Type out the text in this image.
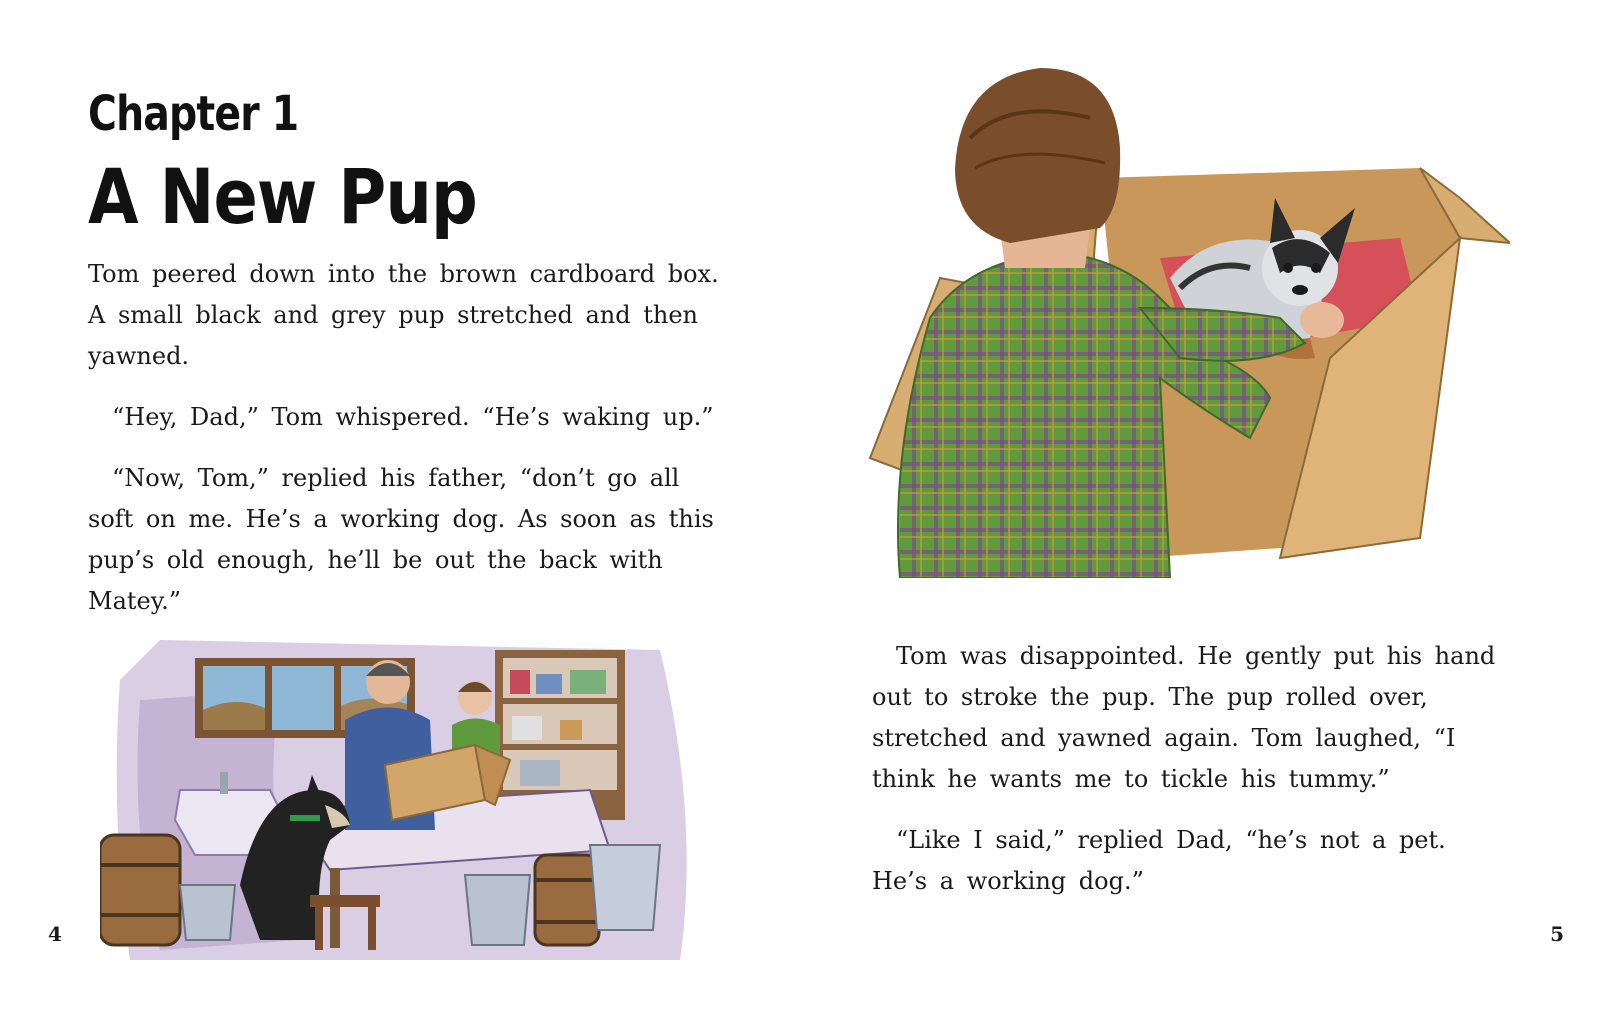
Chapter 1
A New Pup

Tom peered down into the brown cardboard box. A small black and grey pup stretched and then yawned.

“Hey, Dad,” Tom whispered. “He’s waking up.”

“Now, Tom,” replied his father, “don’t go all soft on me. He’s a working dog. As soon as this pup’s old enough, he’ll be out the back with Matey.”

4

Tom was disappointed. He gently put his hand out to stroke the pup. The pup rolled over, stretched and yawned again. Tom laughed, “I think he wants me to tickle his tummy.”

“Like I said,” replied Dad, “he’s not a pet. He’s a working dog.”

5
